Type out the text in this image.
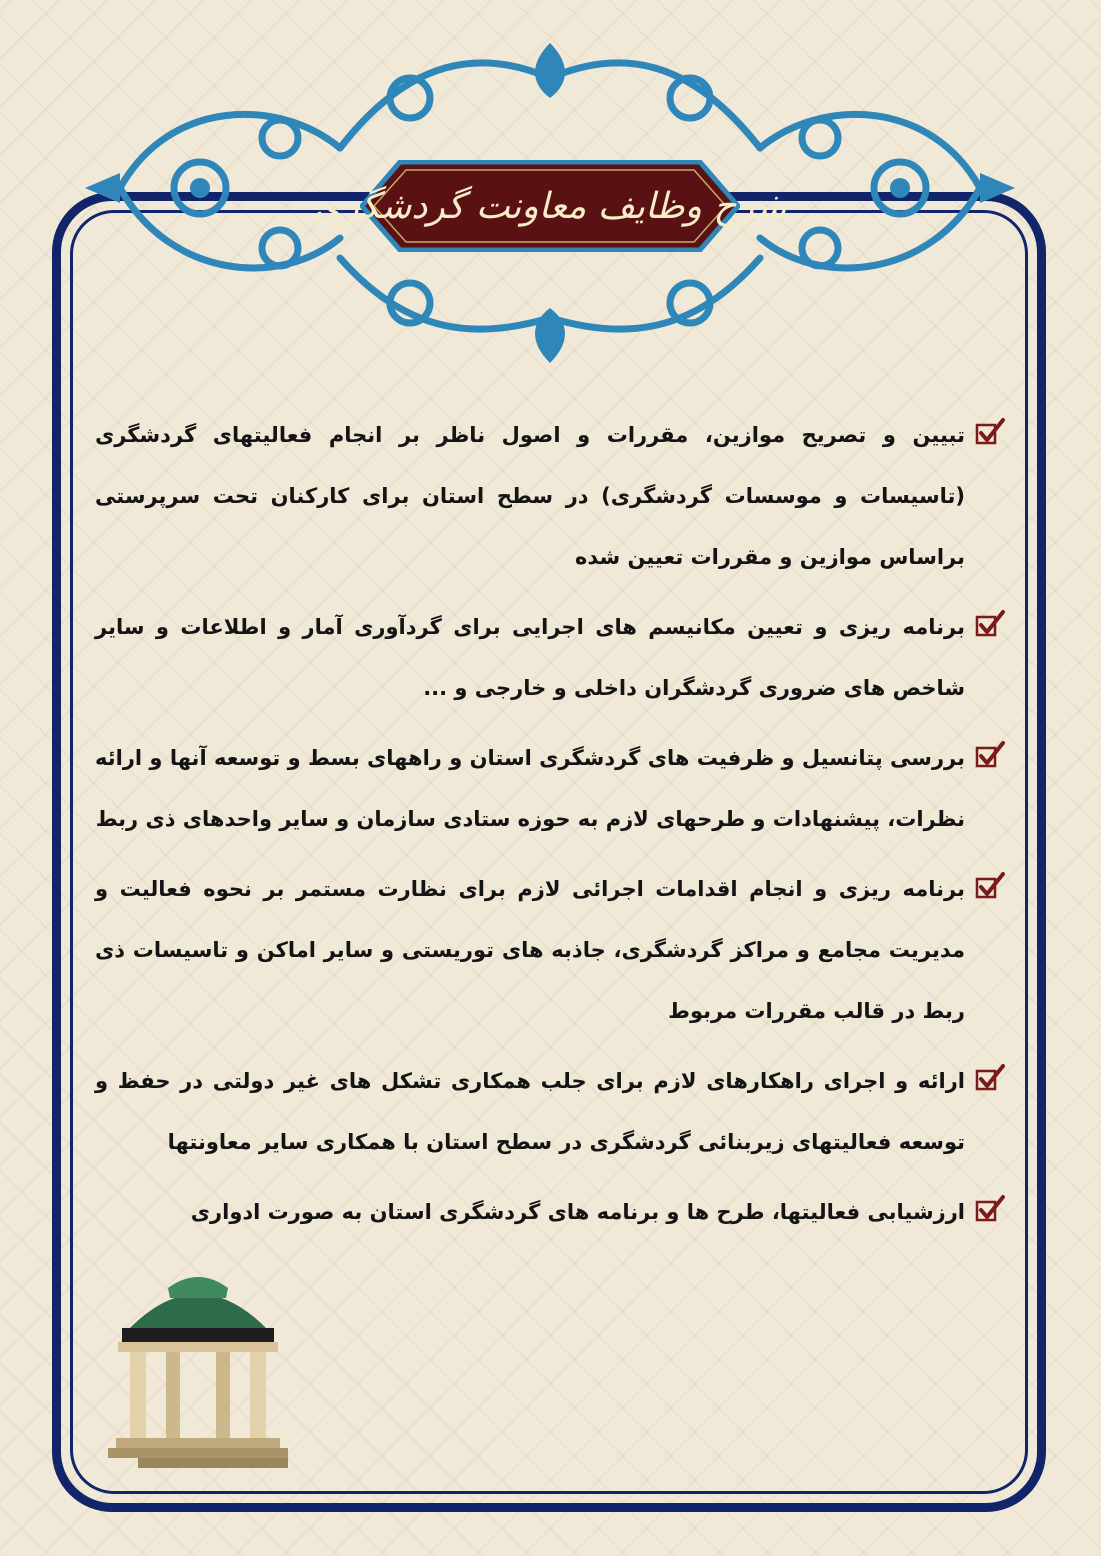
شرح وظایف معاونت گردشگری
تبیین و تصریح موازین، مقررات و اصول ناظر بر انجام فعالیتهای گردشگری (تاسیسات و موسسات گردشگری) در سطح استان برای کارکنان تحت سرپرستی براساس موازین و مقررات تعیین شده
برنامه ریزی و تعیین مکانیسم های اجرایی برای گردآوری آمار و اطلاعات و سایر شاخص های ضروری گردشگران داخلی و خارجی و ...
بررسی پتانسیل و ظرفیت های گردشگری استان و راههای بسط و توسعه آنها و ارائه نظرات، پیشنهادات و طرحهای لازم به حوزه ستادی سازمان و سایر واحدهای ذی ربط
برنامه ریزی و انجام اقدامات اجرائی لازم برای نظارت مستمر بر نحوه فعالیت و مدیریت مجامع و مراکز گردشگری، جاذبه های توریستی و سایر اماکن و تاسیسات ذی ربط در قالب مقررات مربوط
ارائه و اجرای راهکارهای لازم برای جلب همکاری تشکل های غیر دولتی در حفظ و توسعه فعالیتهای زیربنائی گردشگری در سطح استان با همکاری سایر معاونتها
ارزشیابی فعالیتها، طرح ها و برنامه های گردشگری استان به صورت ادواری
